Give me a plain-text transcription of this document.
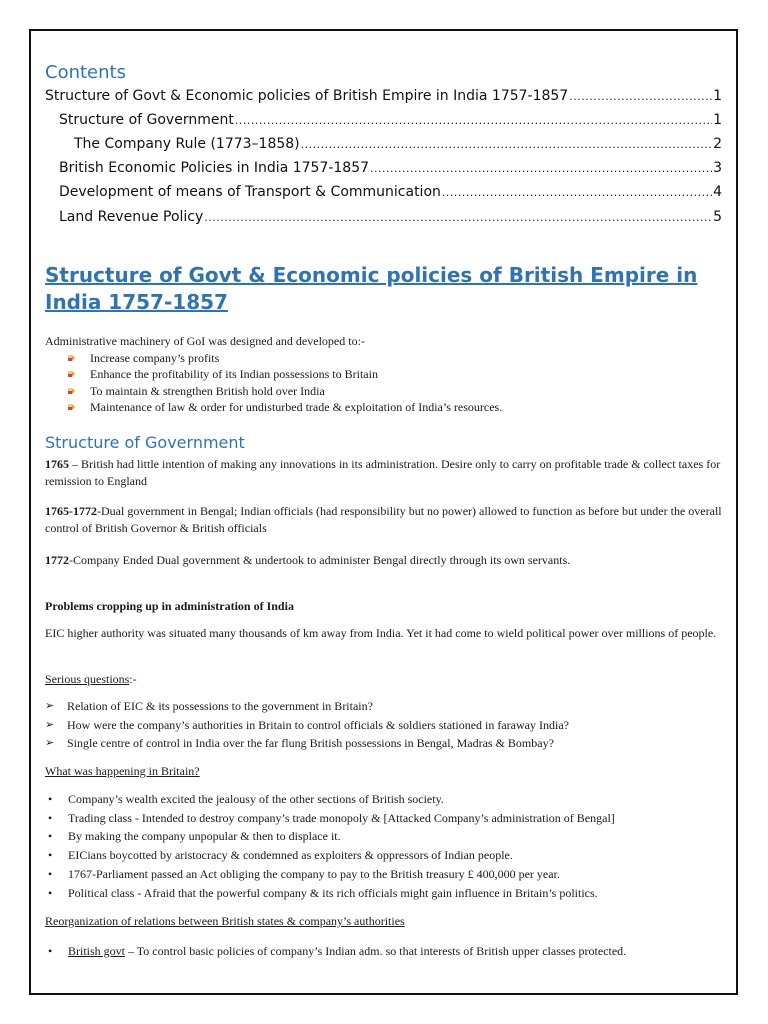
Contents
Structure of Govt & Economic policies of British Empire in India 1757-1857 .....	1
Structure of Government .....	1
The Company Rule (1773–1858) .....	2
British Economic Policies in India 1757-1857 .....	3
Development of means of Transport & Communication .....	4
Land Revenue Policy .....	5
Structure of Govt & Economic policies of British Empire in India 1757-1857
Administrative machinery of GoI was designed and developed to:-
Increase company’s profits
Enhance the profitability of its Indian possessions to Britain
To maintain & strengthen British hold over India
Maintenance of law & order for undisturbed trade & exploitation of India’s resources.
Structure of Government
1765 – British had little intention of making any innovations in its administration. Desire only to carry on profitable trade & collect taxes for remission to England
1765-1772-Dual government in Bengal; Indian officials (had responsibility but no power) allowed to function as before but under the overall control of British Governor & British officials
1772-Company Ended Dual government & undertook to administer Bengal directly through its own servants.
Problems cropping up in administration of India
EIC higher authority was situated many thousands of km away from India. Yet it had come to wield political power over millions of people.
Serious questions:-
➢ Relation of EIC & its possessions to the government in Britain?
➢ How were the company’s authorities in Britain to control officials & soldiers stationed in faraway India?
➢ Single centre of control in India over the far flung British possessions in Bengal, Madras & Bombay?
What was happening in Britain?
• Company’s wealth excited the jealousy of the other sections of British society.
• Trading class - Intended to destroy company’s trade monopoly & [Attacked Company’s administration of Bengal]
• By making the company unpopular & then to displace it.
• EICians boycotted by aristocracy & condemned as exploiters & oppressors of Indian people.
• 1767-Parliament passed an Act obliging the company to pay to the British treasury £ 400,000 per year.
• Political class - Afraid that the powerful company & its rich officials might gain influence in Britain’s politics.
Reorganization of relations between British states & company’s authorities
• British govt – To control basic policies of company’s Indian adm. so that interests of British upper classes protected.
